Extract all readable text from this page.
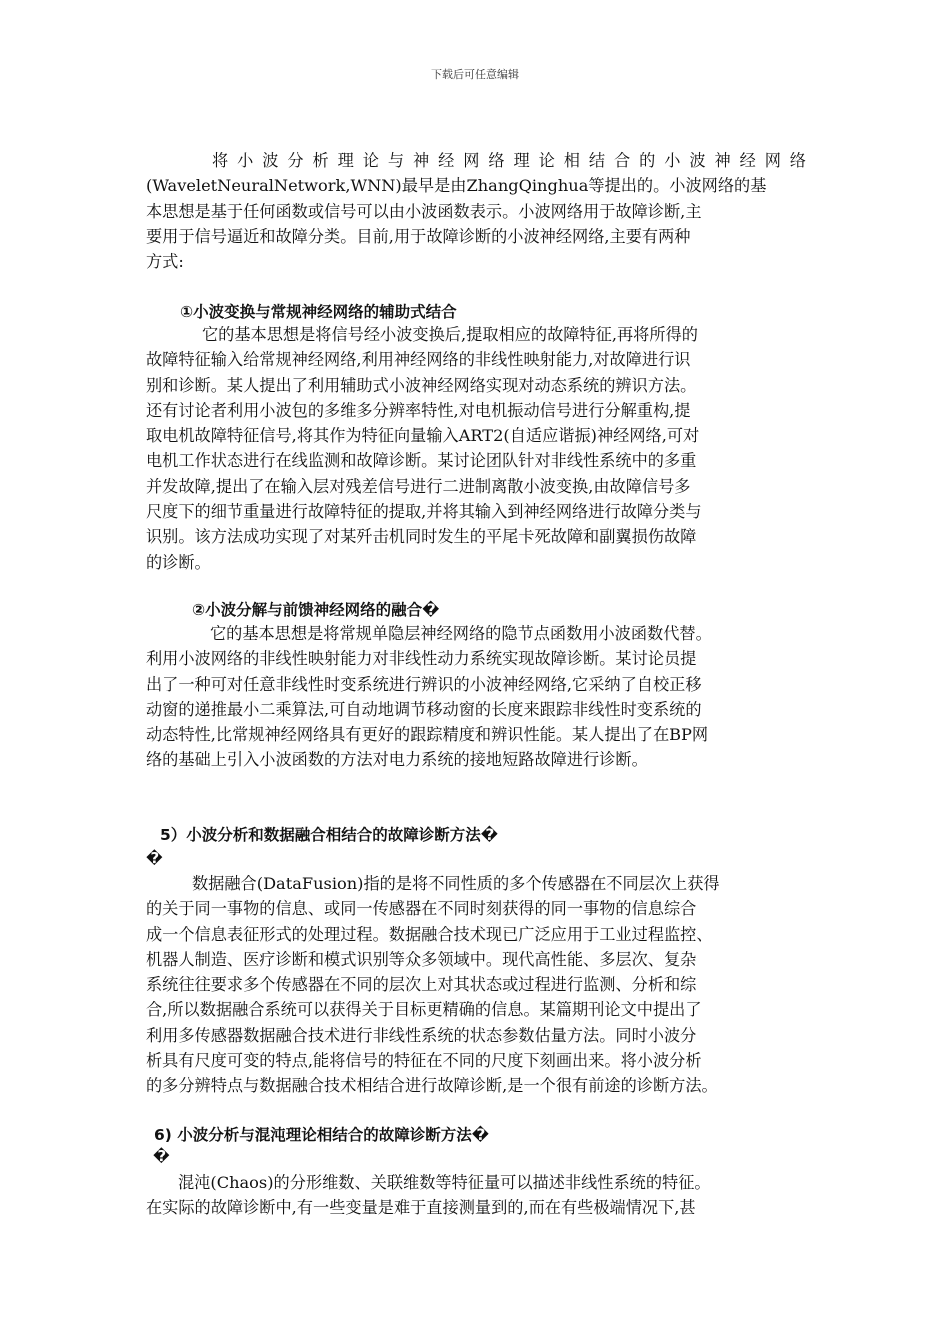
下载后可任意编辑
将小波分析理论与神经网络理论相结合的小波神经网络
(WaveletNeuralNetwork,WNN)最早是由ZhangQinghua等提出的。小波网络的基
本思想是基于任何函数或信号可以由小波函数表示。小波网络用于故障诊断,主
要用于信号逼近和故障分类。目前,用于故障诊断的小波神经网络,主要有两种
方式:
①小波变换与常规神经网络的辅助式结合
它的基本思想是将信号经小波变换后,提取相应的故障特征,再将所得的
故障特征输入给常规神经网络,利用神经网络的非线性映射能力,对故障进行识
别和诊断。某人提出了利用辅助式小波神经网络实现对动态系统的辨识方法。
还有讨论者利用小波包的多维多分辨率特性,对电机振动信号进行分解重构,提
取电机故障特征信号,将其作为特征向量输入ART2(自适应谐振)神经网络,可对
电机工作状态进行在线监测和故障诊断。某讨论团队针对非线性系统中的多重
并发故障,提出了在输入层对残差信号进行二进制离散小波变换,由故障信号多
尺度下的细节重量进行故障特征的提取,并将其输入到神经网络进行故障分类与
识别。该方法成功实现了对某歼击机同时发生的平尾卡死故障和副翼损伤故障
的诊断。
②小波分解与前馈神经网络的融合�
它的基本思想是将常规单隐层神经网络的隐节点函数用小波函数代替。
利用小波网络的非线性映射能力对非线性动力系统实现故障诊断。某讨论员提
出了一种可对任意非线性时变系统进行辨识的小波神经网络,它采纳了自校正移
动窗的递推最小二乘算法,可自动地调节移动窗的长度来跟踪非线性时变系统的
动态特性,比常规神经网络具有更好的跟踪精度和辨识性能。某人提出了在BP网
络的基础上引入小波函数的方法对电力系统的接地短路故障进行诊断。
5）小波分析和数据融合相结合的故障诊断方法�
�
数据融合(DataFusion)指的是将不同性质的多个传感器在不同层次上获得
的关于同一事物的信息、或同一传感器在不同时刻获得的同一事物的信息综合
成一个信息表征形式的处理过程。数据融合技术现已广泛应用于工业过程监控、
机器人制造、医疗诊断和模式识别等众多领域中。现代高性能、多层次、复杂
系统往往要求多个传感器在不同的层次上对其状态或过程进行监测、分析和综
合,所以数据融合系统可以获得关于目标更精确的信息。某篇期刊论文中提出了
利用多传感器数据融合技术进行非线性系统的状态参数估量方法。同时小波分
析具有尺度可变的特点,能将信号的特征在不同的尺度下刻画出来。将小波分析
的多分辨特点与数据融合技术相结合进行故障诊断,是一个很有前途的诊断方法。
6) 小波分析与混沌理论相结合的故障诊断方法�
�
混沌(Chaos)的分形维数、关联维数等特征量可以描述非线性系统的特征。
在实际的故障诊断中,有一些变量是难于直接测量到的,而在有些极端情况下,甚
